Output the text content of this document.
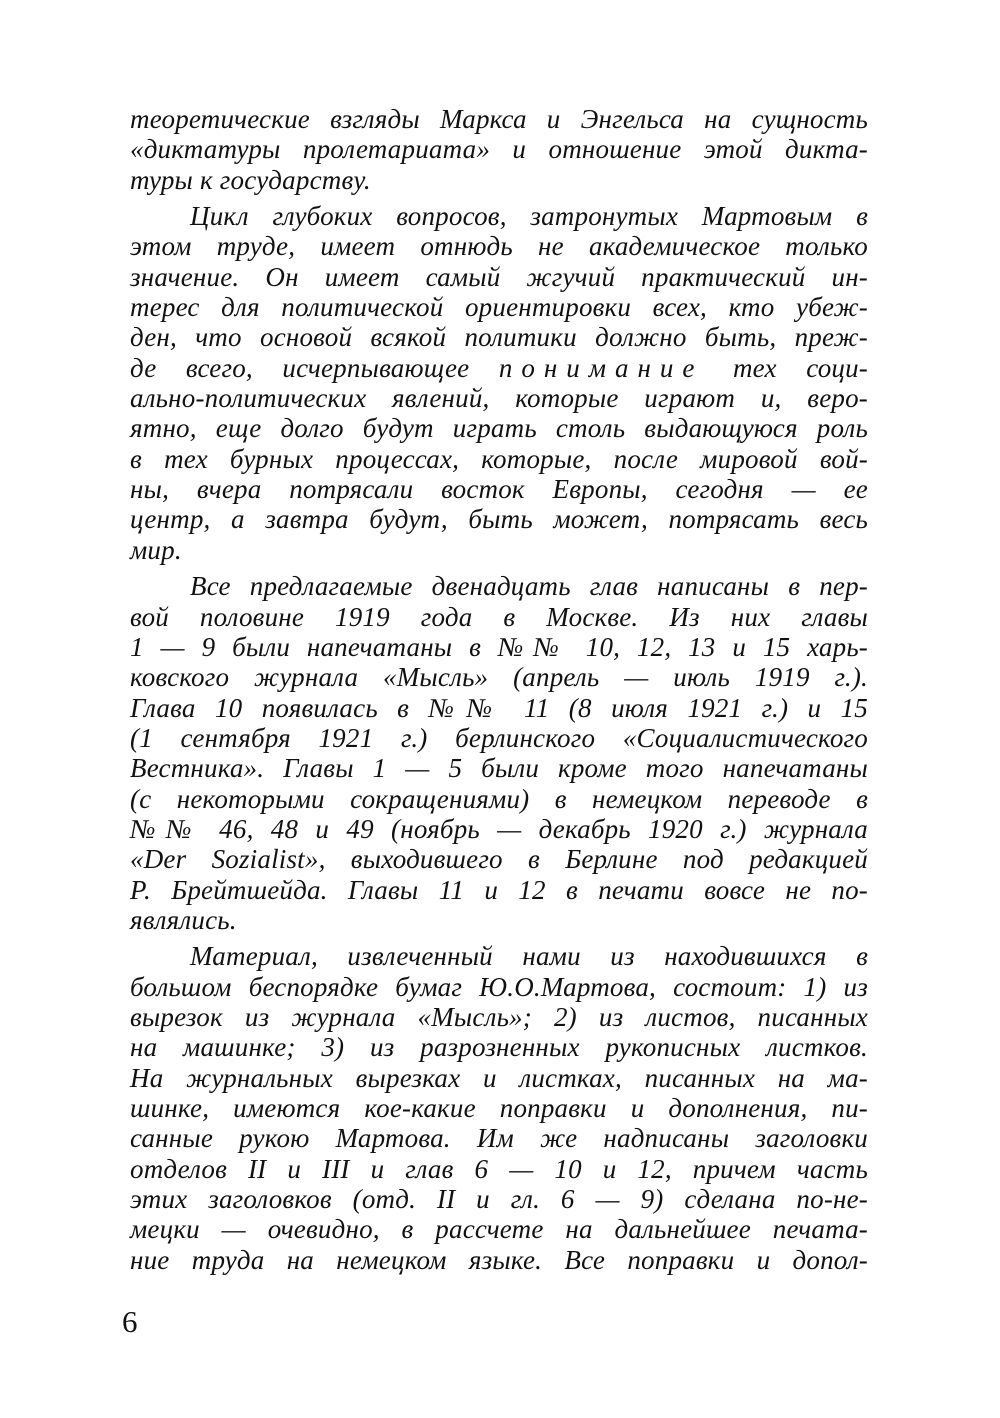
теоретические взгляды Маркса и Энгельса на сущность
«диктатуры пролетариата» и отношение этой дикта-
туры к государству.
Цикл глубоких вопросов, затронутых Мартовым в
этом труде, имеет отнюдь не академическое только
значение. Он имеет самый жгучий практический ин-
терес для политической ориентировки всех, кто убеж-
ден, что основой всякой политики должно быть, преж-
де всего, исчерпывающее понимание тех соци-
ально-политических явлений, которые играют и, веро-
ятно, еще долго будут играть столь выдающуюся роль
в тех бурных процессах, которые, после мировой вой-
ны, вчера потрясали восток Европы, сегодня — ее
центр, а завтра будут, быть может, потрясать весь
мир.
Все предлагаемые двенадцать глав написаны в пер-
вой половине 1919 года в Москве. Из них главы
1 — 9 были напечатаны в №№ 10, 12, 13 и 15 харь-
ковского журнала «Мысль» (апрель — июль 1919 г.).
Глава 10 появилась в №№ 11 (8 июля 1921 г.) и 15
(1 сентября 1921 г.) берлинского «Социалистического
Вестника». Главы 1 — 5 были кроме того напечатаны
(с некоторыми сокращениями) в немецком переводе в
№№ 46, 48 и 49 (ноябрь — декабрь 1920 г.) журнала
«Der Sozialist», выходившего в Берлине под редакцией
Р. Брейтшейда. Главы 11 и 12 в печати вовсе не по-
являлись.
Материал, извлеченный нами из находившихся в
большом беспорядке бумаг Ю.О.Мартова, состоит: 1) из
вырезок из журнала «Мысль»; 2) из листов, писанных
на машинке; 3) из разрозненных рукописных листков.
На журнальных вырезках и листках, писанных на ма-
шинке, имеются кое-какие поправки и дополнения, пи-
санные рукою Мартова. Им же надписаны заголовки
отделов II и III и глав 6 — 10 и 12, причем часть
этих заголовков (отд. II и гл. 6 — 9) сделана по-не-
мецки — очевидно, в рассчете на дальнейшее печата-
ние труда на немецком языке. Все поправки и допол-
6
